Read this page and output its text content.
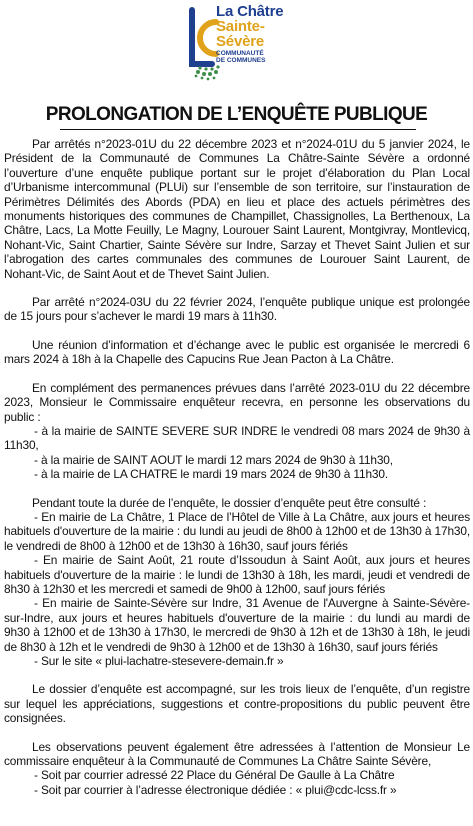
La Châtre
Sainte-
Sévère
COMMUNAUTÉ
DE COMMUNES
PROLONGATION DE L’ENQUÊTE PUBLIQUE

Par arrêtés n°2023-01U du 22 décembre 2023 et n°2024-01U du 5 janvier 2024, le Président de la Communauté de Communes La Châtre-Sainte Sévère a ordonné l’ouverture d’une enquête publique portant sur le projet d’élaboration du Plan Local d’Urbanisme intercommunal (PLUi) sur l’ensemble de son territoire, sur l’instauration de Périmètres Délimités des Abords (PDA) en lieu et place des actuels périmètres des monuments historiques des communes de Champillet, Chassignolles, La Berthenoux, La Châtre, Lacs, La Motte Feuilly, Le Magny, Lourouer Saint Laurent, Montgivray, Montlevicq, Nohant-Vic, Saint Chartier, Sainte Sévère sur Indre, Sarzay et Thevet Saint Julien et sur l’abrogation des cartes communales des communes de Lourouer Saint Laurent, de Nohant-Vic, de Saint Aout et de Thevet Saint Julien.

Par arrêté n°2024-03U du 22 février 2024, l’enquête publique unique est prolongée de 15 jours pour s’achever le mardi 19 mars à 11h30.

Une réunion d’information et d’échange avec le public est organisée le mercredi 6 mars 2024 à 18h à la Chapelle des Capucins Rue Jean Pacton à La Châtre.

En complément des permanences prévues dans l’arrêté 2023-01U du 22 décembre 2023, Monsieur le Commissaire enquêteur recevra, en personne les observations du public :

- à la mairie de SAINTE SEVERE SUR INDRE le vendredi 08 mars 2024 de 9h30 à 11h30,

- à la mairie de SAINT AOUT le mardi 12 mars 2024 de 9h30 à 11h30,

- à la mairie de LA CHATRE le mardi 19 mars 2024 de 9h30 à 11h30.

Pendant toute la durée de l’enquête, le dossier d’enquête peut être consulté :

- En mairie de La Châtre, 1 Place de l’Hôtel de Ville à La Châtre, aux jours et heures habituels d'ouverture de la mairie : du lundi au jeudi de 8h00 à 12h00 et de 13h30 à 17h30, le vendredi de 8h00 à 12h00 et de 13h30 à 16h30, sauf jours fériés

- En mairie de Saint Août, 21 route d’Issoudun à Saint Août, aux jours et heures habituels d'ouverture de la mairie : le lundi de 13h30 à 18h, les mardi, jeudi et vendredi de 8h30 à 12h30 et les mercredi et samedi de 9h00 à 12h00, sauf jours fériés

- En mairie de Sainte-Sévère sur Indre, 31 Avenue de l'Auvergne à Sainte-Sévère-sur-Indre, aux jours et heures habituels d'ouverture de la mairie : du lundi au mardi de 9h30 à 12h00 et de 13h30 à 17h30, le mercredi de 9h30 à 12h et de 13h30 à 18h, le jeudi de 8h30 à 12h et le vendredi de 9h30 à 12h00 et de 13h30 à 16h30, sauf jours fériés

- Sur le site « plui-lachatre-stesevere-demain.fr »

Le dossier d’enquête est accompagné, sur les trois lieux de l’enquête, d’un registre sur lequel les appréciations, suggestions et contre-propositions du public peuvent être consignées.

Les observations peuvent également être adressées à l’attention de Monsieur Le commissaire enquêteur à la Communauté de Communes La Châtre Sainte Sévère,

- Soit par courrier adressé 22 Place du Général De Gaulle à La Châtre

- Soit par courrier à l’adresse électronique dédiée : « plui@cdc-lcss.fr »
